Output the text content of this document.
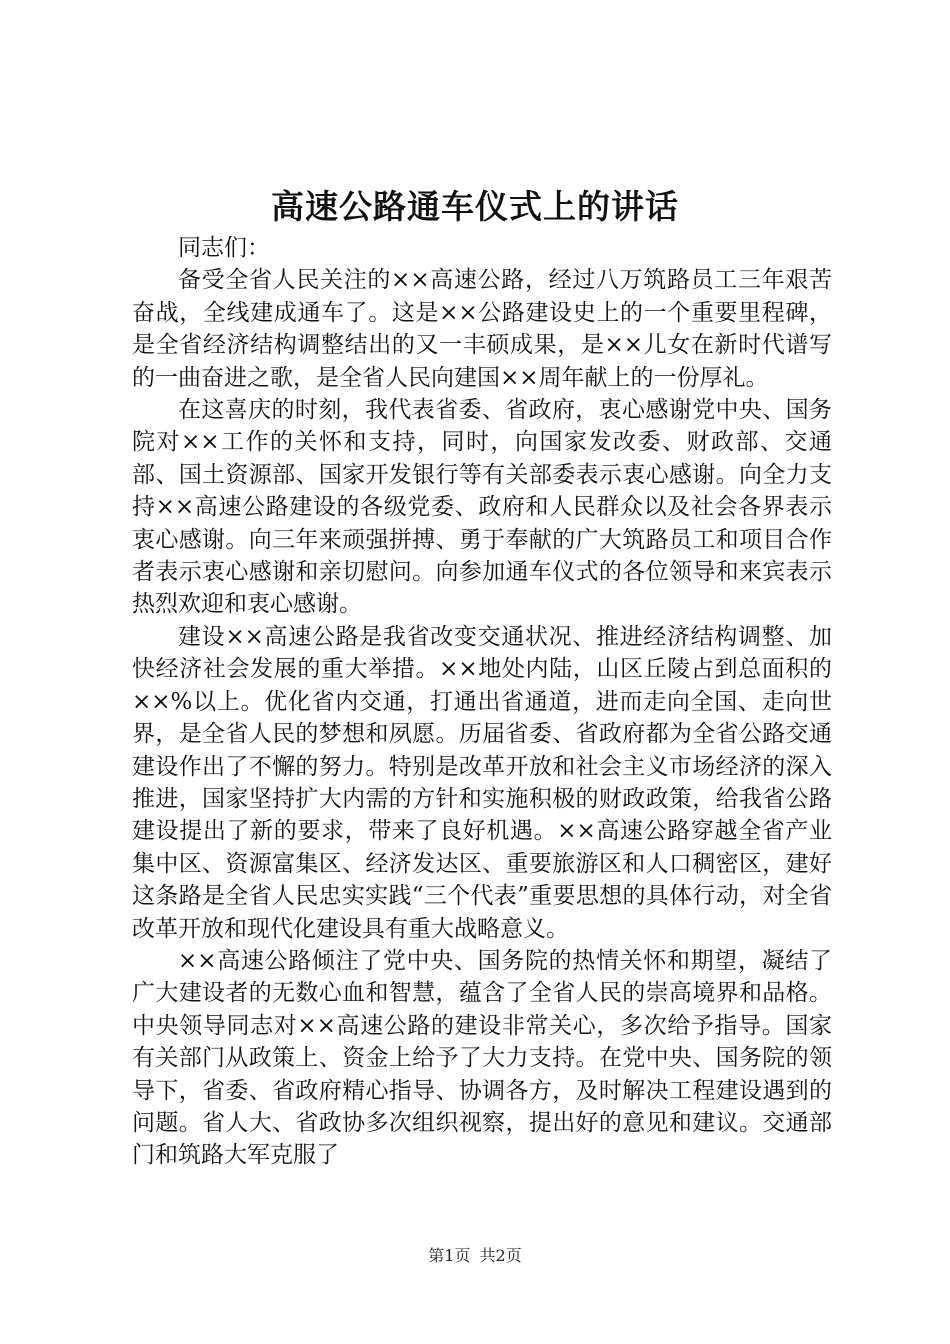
高速公路通车仪式上的讲话

同志们：

备受全省人民关注的××高速公路，经过八万筑路员工三年艰苦奋战，全线建成通车了。这是××公路建设史上的一个重要里程碑，是全省经济结构调整结出的又一丰硕成果，是××儿女在新时代谱写的一曲奋进之歌，是全省人民向建国××周年献上的一份厚礼。

在这喜庆的时刻，我代表省委、省政府，衷心感谢党中央、国务院对××工作的关怀和支持，同时，向国家发改委、财政部、交通部、国土资源部、国家开发银行等有关部委表示衷心感谢。向全力支持××高速公路建设的各级党委、政府和人民群众以及社会各界表示衷心感谢。向三年来顽强拼搏、勇于奉献的广大筑路员工和项目合作者表示衷心感谢和亲切慰问。向参加通车仪式的各位领导和来宾表示热烈欢迎和衷心感谢。

建设××高速公路是我省改变交通状况、推进经济结构调整、加快经济社会发展的重大举措。××地处内陆，山区丘陵占到总面积的××%以上。优化省内交通，打通出省通道，进而走向全国、走向世界，是全省人民的梦想和夙愿。历届省委、省政府都为全省公路交通建设作出了不懈的努力。特别是改革开放和社会主义市场经济的深入推进，国家坚持扩大内需的方针和实施积极的财政政策，给我省公路建设提出了新的要求，带来了良好机遇。××高速公路穿越全省产业集中区、资源富集区、经济发达区、重要旅游区和人口稠密区，建好这条路是全省人民忠实实践“三个代表”重要思想的具体行动，对全省改革开放和现代化建设具有重大战略意义。

××高速公路倾注了党中央、国务院的热情关怀和期望，凝结了广大建设者的无数心血和智慧，蕴含了全省人民的崇高境界和品格。中央领导同志对××高速公路的建设非常关心，多次给予指导。国家有关部门从政策上、资金上给予了大力支持。在党中央、国务院的领导下，省委、省政府精心指导、协调各方，及时解决工程建设遇到的问题。省人大、省政协多次组织视察，提出好的意见和建议。交通部门和筑路大军克服了

第1页 共2页
